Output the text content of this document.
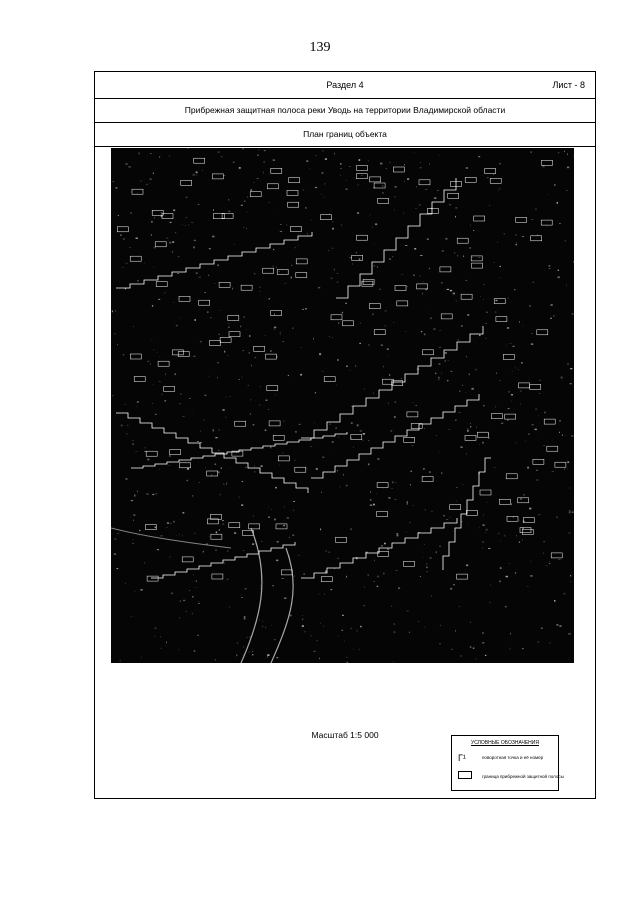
139
Раздел 4	Лист - 8
Прибрежная защитная полоса реки Уводь на территории Владимирской области
План границ объекта
Масштаб 1:5 000
УСЛОВНЫЕ ОБОЗНАЧЕНИЯ
Г¹	поворотная точка и её номер
граница прибрежной защитной полосы
